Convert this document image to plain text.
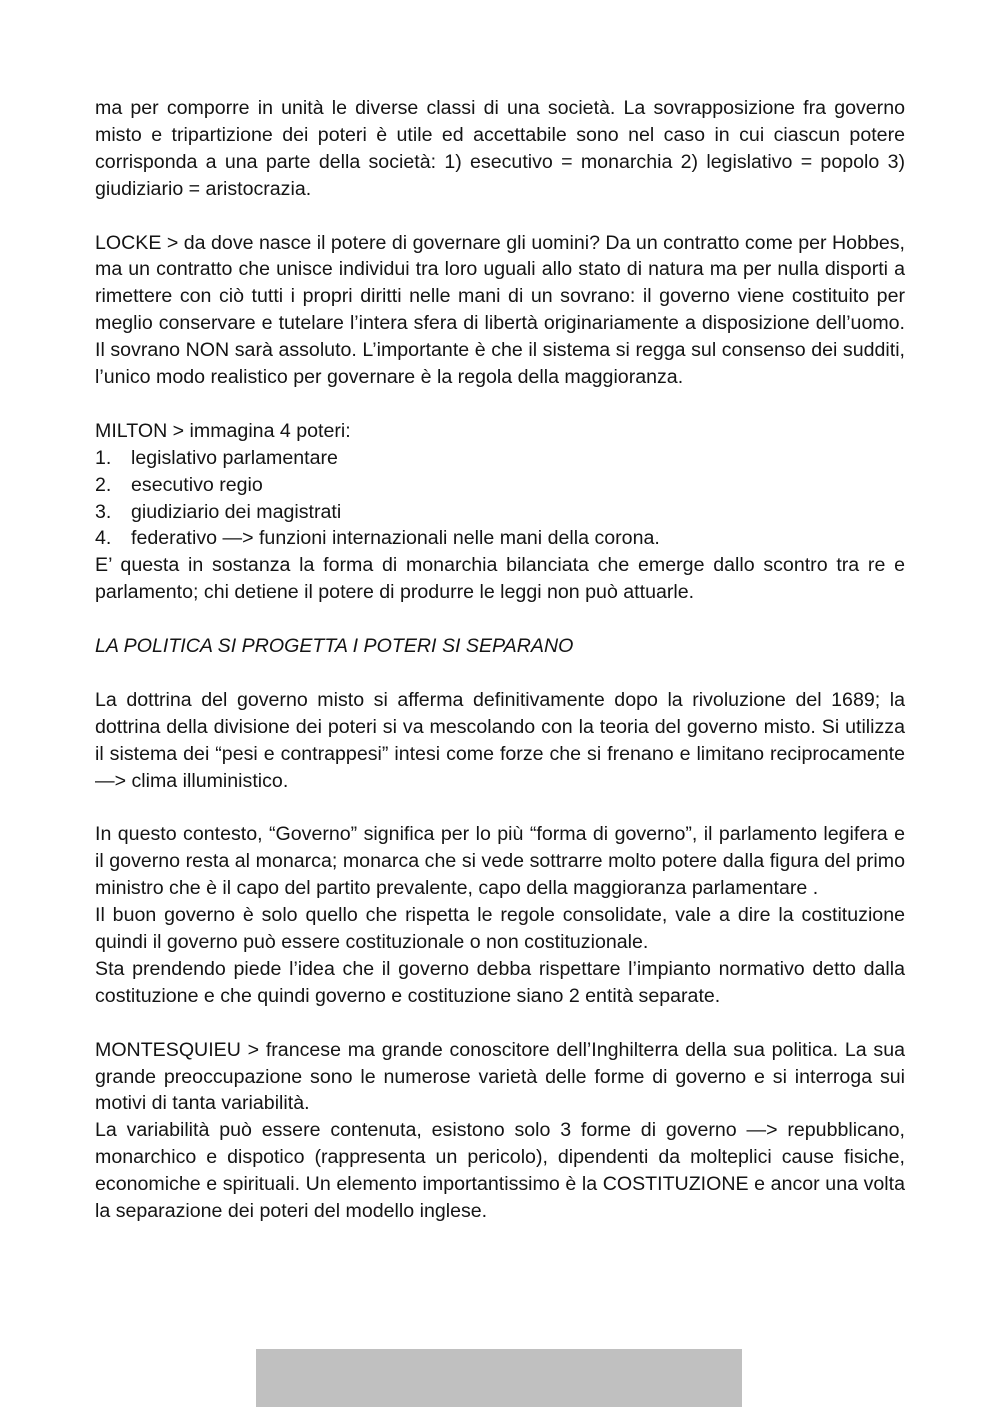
ma per comporre in unità le diverse classi di una società. La sovrapposizione fra governo misto e tripartizione dei poteri è utile ed accettabile sono nel caso in cui ciascun potere corrisponda a una parte della società: 1) esecutivo = monarchia 2) legislativo = popolo 3) giudiziario = aristocrazia.

LOCKE > da dove nasce il potere di governare gli uomini? Da un contratto come per Hobbes, ma un contratto che unisce individui tra loro uguali allo stato di natura ma per nulla disporti a rimettere con ciò tutti i propri diritti nelle mani di un sovrano: il governo viene costituito per meglio conservare e tutelare l’intera sfera di libertà originariamente a disposizione dell’uomo. Il sovrano NON sarà assoluto. L’importante è che il sistema si regga sul consenso dei sudditi, l’unico modo realistico per governare è la regola della maggioranza.

MILTON > immagina 4 poteri:

1. legislativo parlamentare
2. esecutivo regio
3. giudiziario dei magistrati
4. federativo —> funzioni internazionali nelle mani della corona.

E’ questa in sostanza la forma di monarchia bilanciata che emerge dallo scontro tra re e parlamento; chi detiene il potere di produrre le leggi non può attuarle.

LA POLITICA SI PROGETTA I POTERI SI SEPARANO

La dottrina del governo misto si afferma definitivamente dopo la rivoluzione del 1689; la dottrina della divisione dei poteri si va mescolando con la teoria del governo misto. Si utilizza il sistema dei “pesi e contrappesi” intesi come forze che si frenano e limitano reciprocamente —> clima illuministico.

In questo contesto, “Governo” significa per lo più “forma di governo”, il parlamento legifera e il governo resta al monarca; monarca che si vede sottrarre molto potere dalla figura del primo ministro che è il capo del partito prevalente, capo della maggioranza parlamentare .

Il buon governo è solo quello che rispetta le regole consolidate, vale a dire la costituzione quindi il governo può essere costituzionale o non costituzionale.

Sta prendendo piede l’idea che il governo debba rispettare l’impianto normativo detto dalla costituzione e che quindi governo e costituzione siano 2 entità separate.

MONTESQUIEU > francese ma grande conoscitore dell’Inghilterra della sua politica. La sua grande preoccupazione sono le numerose varietà delle forme di governo e si interroga sui motivi di tanta variabilità.

La variabilità può essere contenuta, esistono solo 3 forme di governo —> repubblicano, monarchico e dispotico (rappresenta un pericolo), dipendenti da molteplici cause fisiche, economiche e spirituali. Un elemento importantissimo è la COSTITUZIONE e ancor una volta la separazione dei poteri del modello inglese.
